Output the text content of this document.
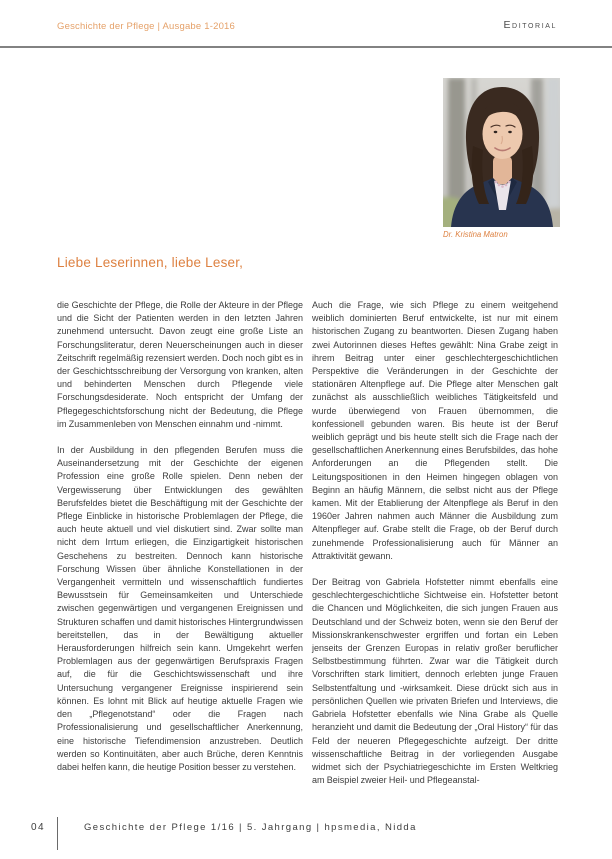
Geschichte der Pflege | Ausgabe 1-2016	Editorial
Dr. Kristina Matron
Liebe Leserinnen, liebe Leser,

die Geschichte der Pflege, die Rolle der Akteure in der Pflege und die Sicht der Patienten werden in den letzten Jahren zunehmend untersucht. Davon zeugt eine große Liste an Forschungsliteratur, deren Neuerscheinungen auch in dieser Zeitschrift regelmäßig rezensiert werden. Doch noch gibt es in der Geschichtsschreibung der Versorgung von kranken, alten und behinderten Menschen durch Pflegende viele Forschungsdesiderate. Noch entspricht der Umfang der Pflegegeschichtsforschung nicht der Bedeutung, die Pflege im Zusammenleben von Menschen einnahm und -nimmt.

In der Ausbildung in den pflegenden Berufen muss die Auseinandersetzung mit der Geschichte der eigenen Profession eine große Rolle spielen. Denn neben der Vergewisserung über Entwicklungen des gewählten Berufsfeldes bietet die Beschäftigung mit der Geschichte der Pflege Einblicke in historische Problemlagen der Pflege, die auch heute aktuell und viel diskutiert sind. Zwar sollte man nicht dem Irrtum erliegen, die Einzigartigkeit historischen Geschehens zu bestreiten. Dennoch kann historische Forschung Wissen über ähnliche Konstellationen in der Vergangenheit vermitteln und wissenschaftlich fundiertes Bewusstsein für Gemeinsamkeiten und Unterschiede zwischen gegenwärtigen und vergangenen Ereignissen und Strukturen schaffen und damit historisches Hintergrundwissen bereitstellen, das in der Bewältigung aktueller Herausforderungen hilfreich sein kann. Umgekehrt werfen Problemlagen aus der gegenwärtigen Berufspraxis Fragen auf, die für die Geschichtswissenschaft und ihre Untersuchung vergangener Ereignisse inspirierend sein können. Es lohnt mit Blick auf heutige aktuelle Fragen wie den „Pflegenotstand“ oder die Fragen nach Professionalisierung und gesellschaftlicher Anerkennung, eine historische Tiefendimension anzustreben. Deutlich werden so Kontinuitäten, aber auch Brüche, deren Kenntnis dabei helfen kann, die heutige Position besser zu verstehen.

Auch die Frage, wie sich Pflege zu einem weitgehend weiblich dominierten Beruf entwickelte, ist nur mit einem historischen Zugang zu beantworten. Diesen Zugang haben zwei Autorinnen dieses Heftes gewählt: Nina Grabe zeigt in ihrem Beitrag unter einer geschlechtergeschichtlichen Perspektive die Veränderungen in der Geschichte der stationären Altenpflege auf. Die Pflege alter Menschen galt zunächst als ausschließlich weibliches Tätigkeitsfeld und wurde überwiegend von Frauen übernommen, die konfessionell gebunden waren. Bis heute ist der Beruf weiblich geprägt und bis heute stellt sich die Frage nach der gesellschaftlichen Anerkennung eines Berufsbildes, das hohe Anforderungen an die Pflegenden stellt. Die Leitungspositionen in den Heimen hingegen oblagen von Beginn an häufig Männern, die selbst nicht aus der Pflege kamen. Mit der Etablierung der Altenpflege als Beruf in den 1960er Jahren nahmen auch Männer die Ausbildung zum Altenpfleger auf. Grabe stellt die Frage, ob der Beruf durch zunehmende Professionalisierung auch für Männer an Attraktivität gewann.

Der Beitrag von Gabriela Hofstetter nimmt ebenfalls eine geschlechtergeschichtliche Sichtweise ein. Hofstetter betont die Chancen und Möglichkeiten, die sich jungen Frauen aus Deutschland und der Schweiz boten, wenn sie den Beruf der Missionskrankenschwester ergriffen und fortan ein Leben jenseits der Grenzen Europas in relativ großer beruflicher Selbstbestimmung führten. Zwar war die Tätigkeit durch Vorschriften stark limitiert, dennoch erlebten junge Frauen Selbstentfaltung und -wirksamkeit. Diese drückt sich aus in persönlichen Quellen wie privaten Briefen und Interviews, die Gabriela Hofstetter ebenfalls wie Nina Grabe als Quelle heranzieht und damit die Bedeutung der „Oral History“ für das Feld der neueren Pflegegeschichte aufzeigt. Der dritte wissenschaftliche Beitrag in der vorliegenden Ausgabe widmet sich der Psychiatriegeschichte im Ersten Weltkrieg am Beispiel zweier Heil- und Pflegeanstal-

04	Geschichte der Pflege 1/16 | 5. Jahrgang | hpsmedia, Nidda
